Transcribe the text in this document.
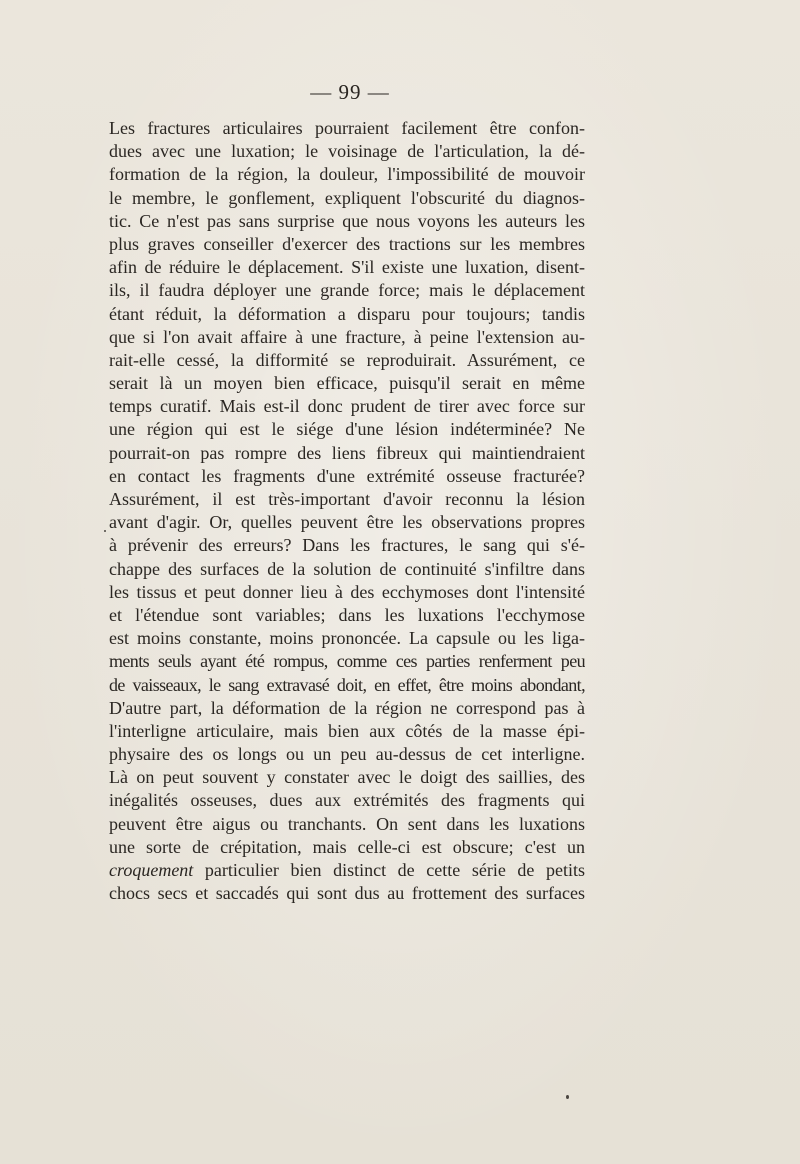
— 99 —
Les fractures articulaires pourraient facilement être confon-
dues avec une luxation; le voisinage de l'articulation, la dé-
formation de la région, la douleur, l'impossibilité de mouvoir
le membre, le gonflement, expliquent l'obscurité du diagnos-
tic. Ce n'est pas sans surprise que nous voyons les auteurs les
plus graves conseiller d'exercer des tractions sur les membres
afin de réduire le déplacement. S'il existe une luxation, disent-
ils, il faudra déployer une grande force; mais le déplacement
étant réduit, la déformation a disparu pour toujours; tandis
que si l'on avait affaire à une fracture, à peine l'extension au-
rait-elle cessé, la difformité se reproduirait. Assurément, ce
serait là un moyen bien efficace, puisqu'il serait en même
temps curatif. Mais est-il donc prudent de tirer avec force sur
une région qui est le siége d'une lésion indéterminée? Ne
pourrait-on pas rompre des liens fibreux qui maintiendraient
en contact les fragments d'une extrémité osseuse fracturée?
Assurément, il est très-important d'avoir reconnu la lésion
avant d'agir. Or, quelles peuvent être les observations propres
à prévenir des erreurs? Dans les fractures, le sang qui s'é-
chappe des surfaces de la solution de continuité s'infiltre dans
les tissus et peut donner lieu à des ecchymoses dont l'intensité
et l'étendue sont variables; dans les luxations l'ecchymose
est moins constante, moins prononcée. La capsule ou les liga-
ments seuls ayant été rompus, comme ces parties renferment peu
de vaisseaux, le sang extravasé doit, en effet, être moins abondant,
D'autre part, la déformation de la région ne correspond pas à
l'interligne articulaire, mais bien aux côtés de la masse épi-
physaire des os longs ou un peu au-dessus de cet interligne.
Là on peut souvent y constater avec le doigt des saillies, des
inégalités osseuses, dues aux extrémités des fragments qui
peuvent être aigus ou tranchants. On sent dans les luxations
une sorte de crépitation, mais celle-ci est obscure; c'est un
croquement particulier bien distinct de cette série de petits
chocs secs et saccadés qui sont dus au frottement des surfaces
